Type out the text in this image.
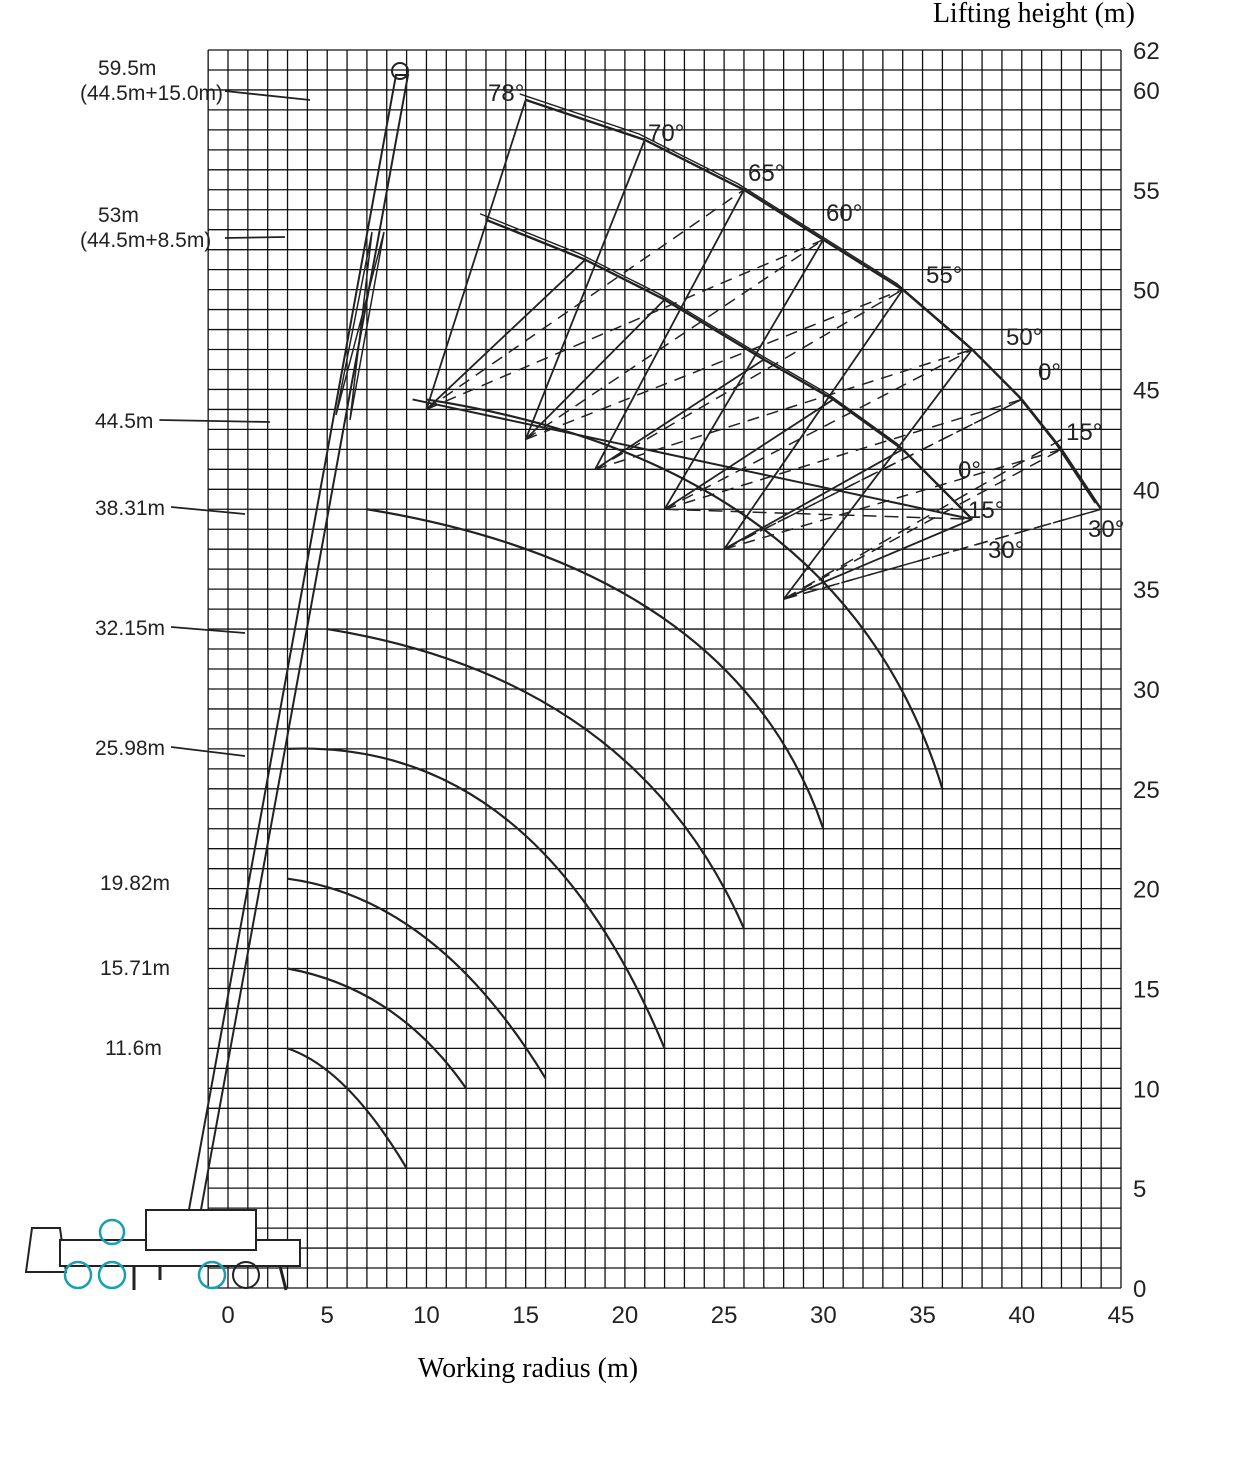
Lifting height (m)
0	5	10	15	20	25	30	35	40	45
0
5
10
15
20
25
30
35
40
45
50
55
60
62
59.5m
(44.5m+15.0m)
53m
(44.5m+8.5m)
44.5m
38.31m
32.15m
25.98m
19.82m
15.71m
11.6m
78°
70°
65°
60°
55°
50°
0°
15°
30°
0°
15°
30°
Working radius (m)
